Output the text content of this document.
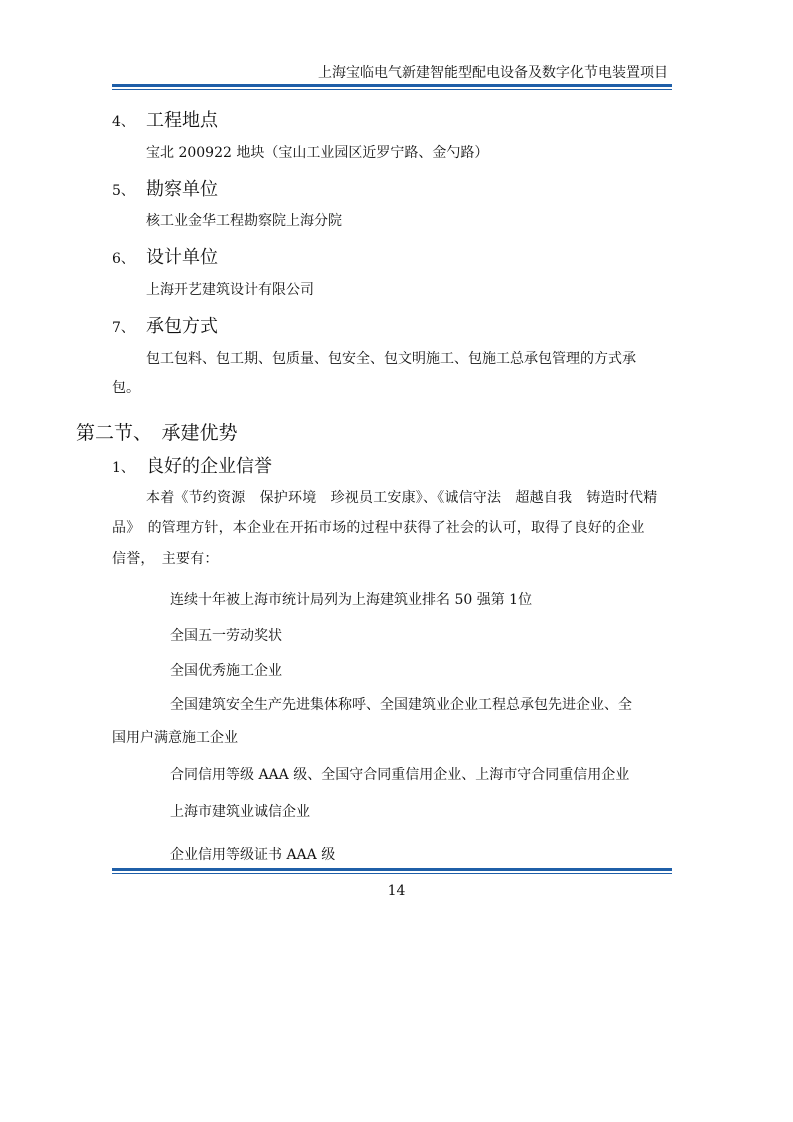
上海宝临电气新建智能型配电设备及数字化节电装置项目
4、 工程地点
宝北 200922 地块（宝山工业园区近罗宁路、金勺路）
5、 勘察单位
核工业金华工程勘察院上海分院
6、 设计单位
上海开艺建筑设计有限公司
7、 承包方式
包工包料、包工期、包质量、包安全、包文明施工、包施工总承包管理的方式承
包。
第二节、　承建优势
1、 良好的企业信誉
本着《节约资源　保护环境　珍视员工安康》、《诚信守法　超越自我　铸造时代精
品》　的管理方针，本企业在开拓市场的过程中获得了社会的认可，取得了良好的企业
信誉，　主要有：
连续十年被上海市统计局列为上海建筑业排名 50 强第 1位
全国五一劳动奖状
全国优秀施工企业
全国建筑安全生产先进集体称呼、全国建筑业企业工程总承包先进企业、全
国用户满意施工企业
合同信用等级 AAA 级、全国守合同重信用企业、上海市守合同重信用企业
上海市建筑业诚信企业
企业信用等级证书 AAA 级
14
